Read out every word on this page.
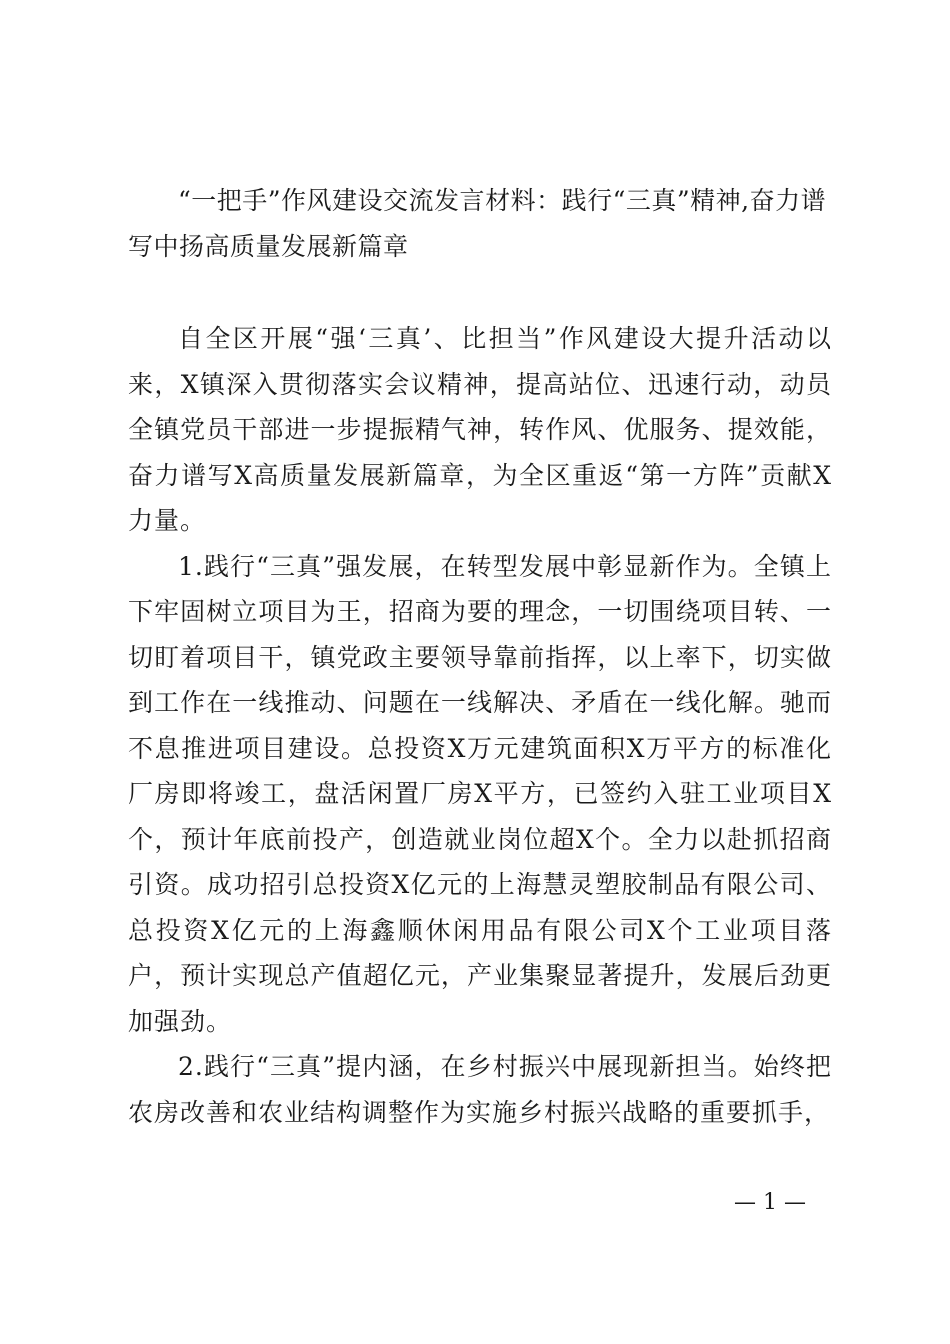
“一把手”作风建设交流发言材料：践行“三真”精神,奋力谱写中扬高质量发展新篇章

自全区开展“强‘三真’、比担当”作风建设大提升活动以来，X镇深入贯彻落实会议精神，提高站位、迅速行动，动员全镇党员干部进一步提振精气神，转作风、优服务、提效能，奋力谱写X高质量发展新篇章，为全区重返“第一方阵”贡献X力量。

1.践行“三真”强发展，在转型发展中彰显新作为。全镇上下牢固树立项目为王，招商为要的理念，一切围绕项目转、一切盯着项目干，镇党政主要领导靠前指挥，以上率下，切实做到工作在一线推动、问题在一线解决、矛盾在一线化解。驰而不息推进项目建设。总投资X万元建筑面积X万平方的标准化厂房即将竣工，盘活闲置厂房X平方，已签约入驻工业项目X个，预计年底前投产，创造就业岗位超X个。全力以赴抓招商引资。成功招引总投资X亿元的上海慧灵塑胶制品有限公司、总投资X亿元的上海鑫顺休闲用品有限公司X个工业项目落户，预计实现总产值超亿元，产业集聚显著提升，发展后劲更加强劲。

2.践行“三真”提内涵，在乡村振兴中展现新担当。始终把农房改善和农业结构调整作为实施乡村振兴战略的重要抓手，

— 1 —
